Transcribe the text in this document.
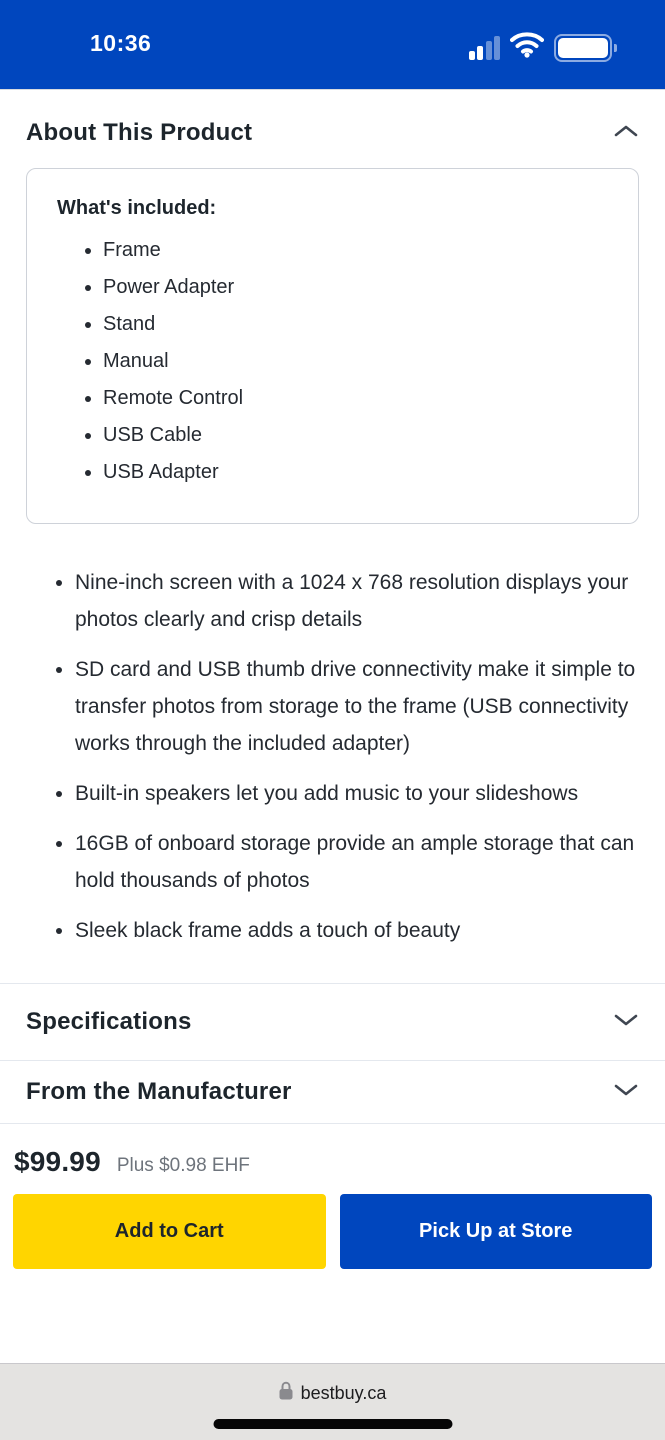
10:36
About This Product
What's included:
• Frame
• Power Adapter
• Stand
• Manual
• Remote Control
• USB Cable
• USB Adapter
• Nine-inch screen with a 1024 x 768 resolution displays your photos clearly and crisp details
• SD card and USB thumb drive connectivity make it simple to transfer photos from storage to the frame (USB connectivity works through the included adapter)
• Built-in speakers let you add music to your slideshows
• 16GB of onboard storage provide an ample storage that can hold thousands of photos
• Sleek black frame adds a touch of beauty
Specifications
From the Manufacturer
$99.99 Plus $0.98 EHF
Add to Cart	Pick Up at Store
bestbuy.ca
